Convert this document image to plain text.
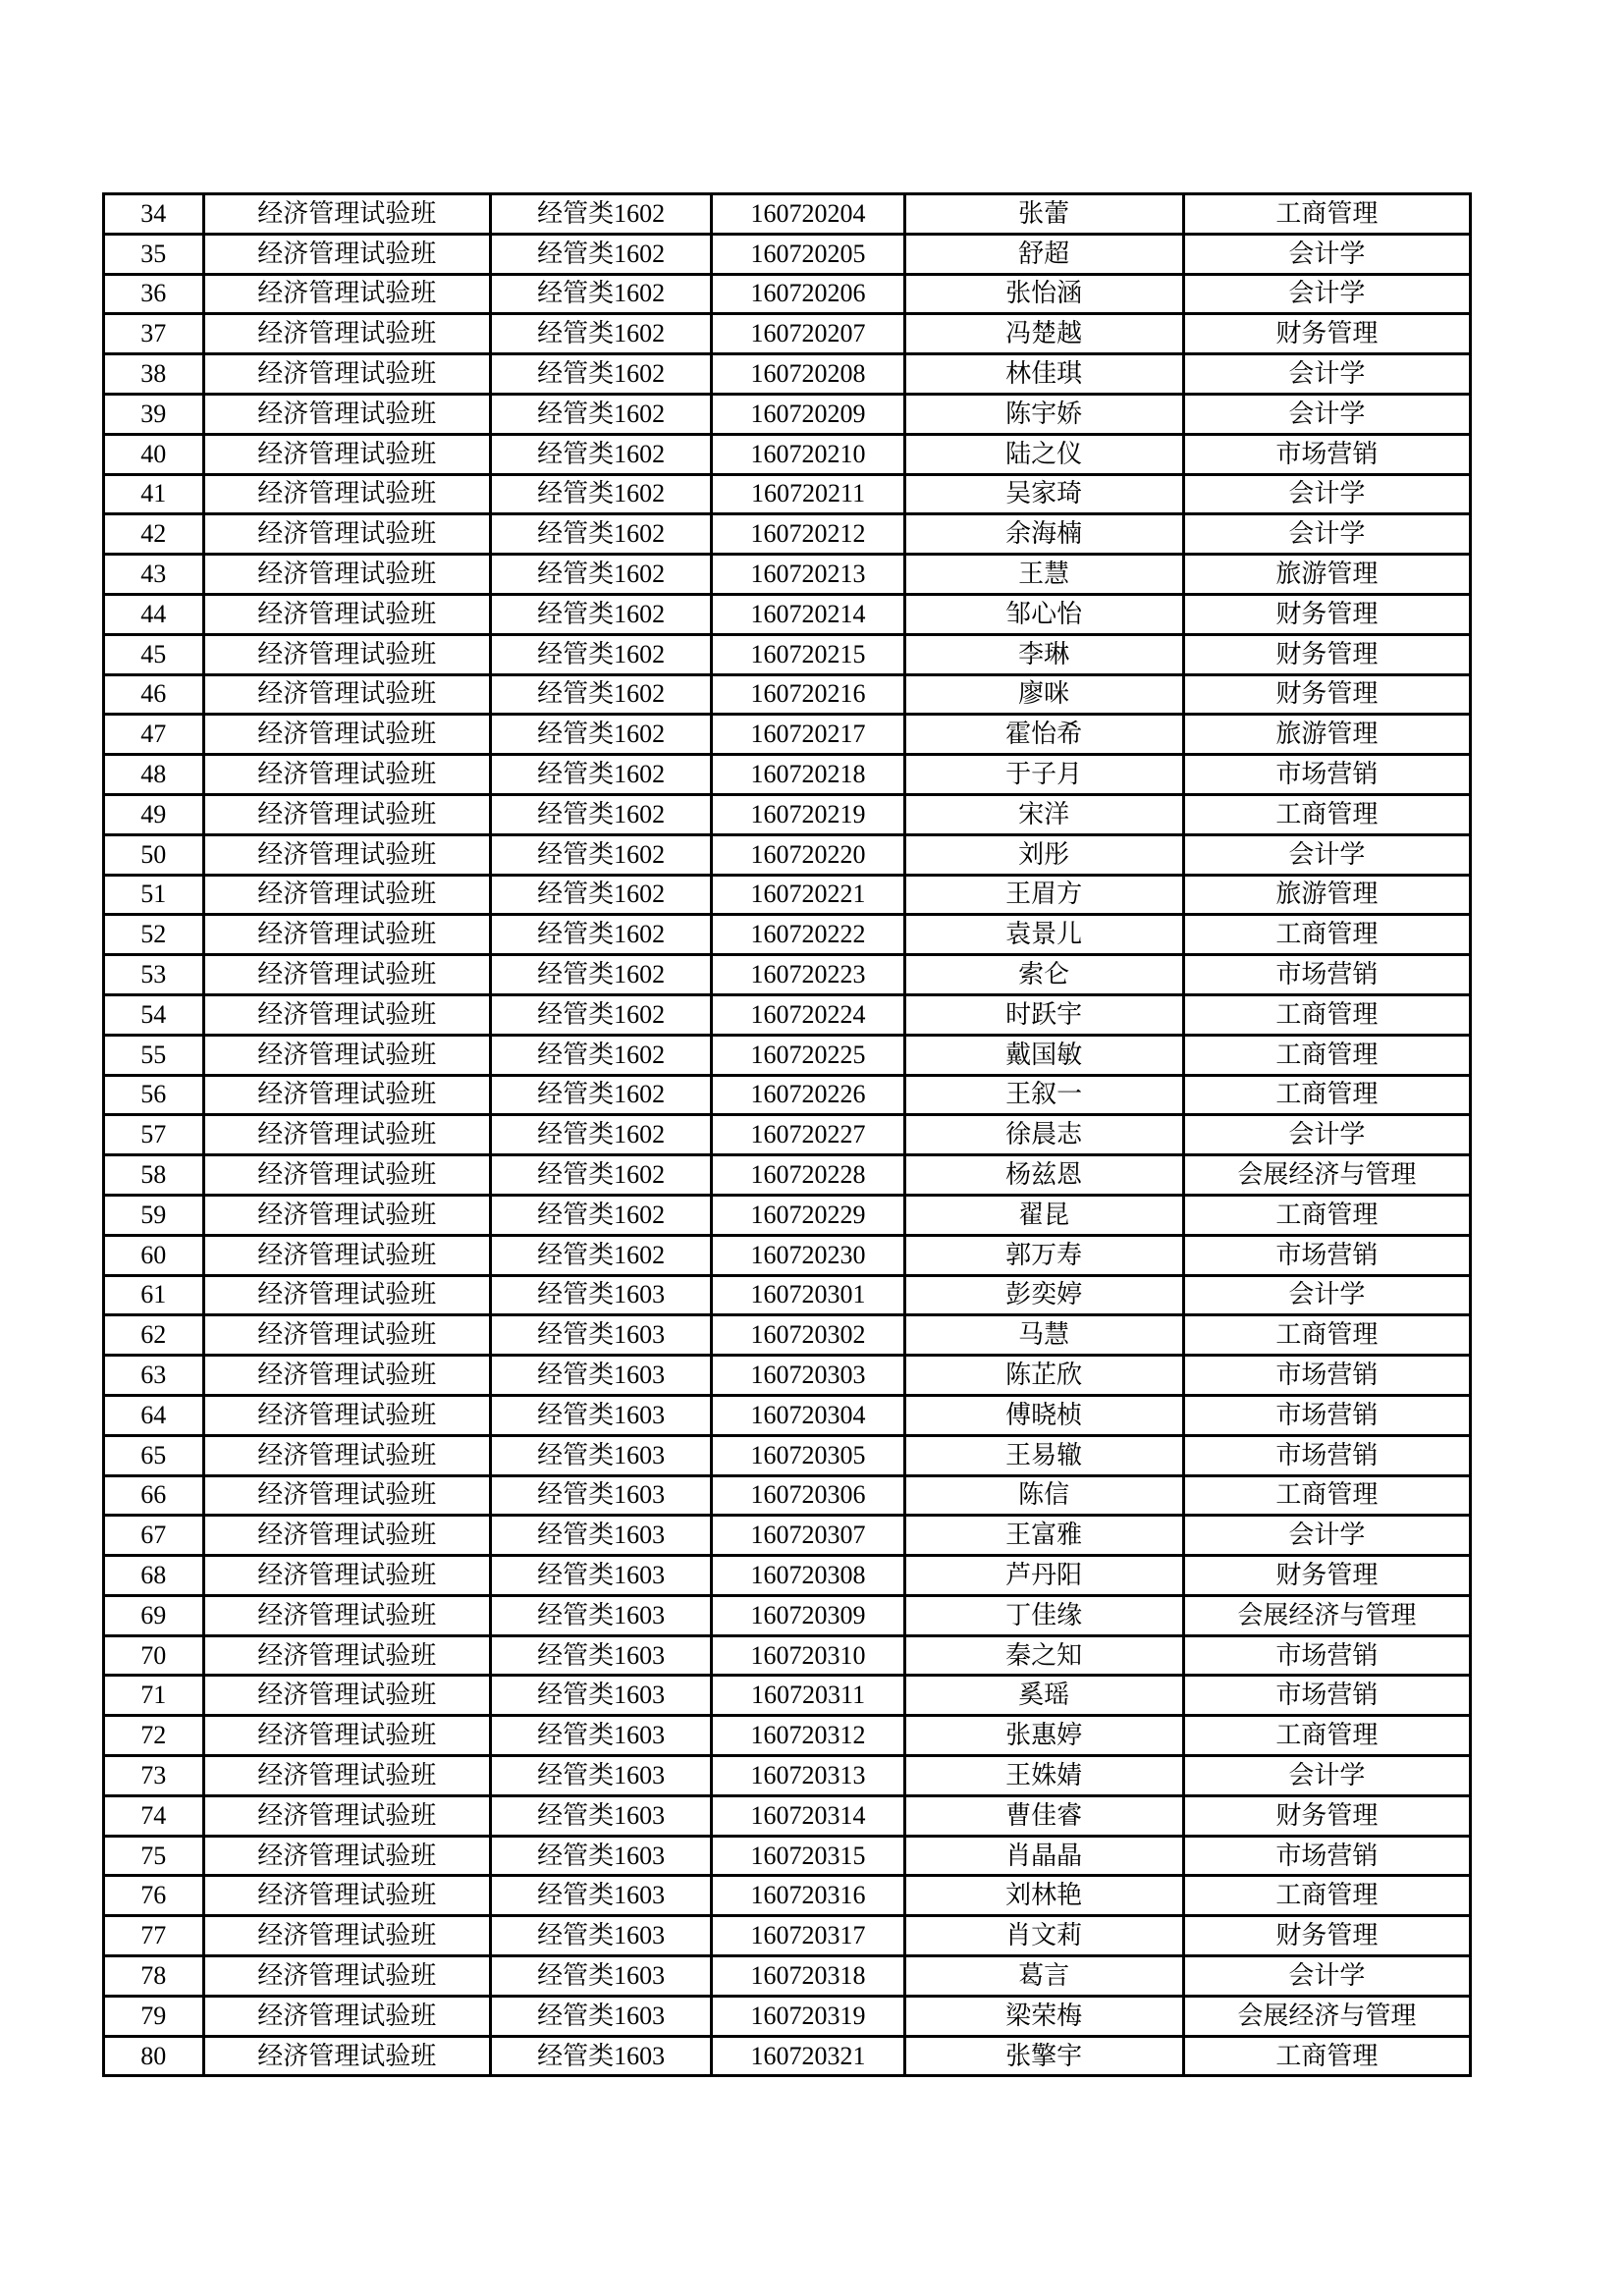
34	经济管理试验班	经管类1602	160720204	张蕾	工商管理
35	经济管理试验班	经管类1602	160720205	舒超	会计学
36	经济管理试验班	经管类1602	160720206	张怡涵	会计学
37	经济管理试验班	经管类1602	160720207	冯楚越	财务管理
38	经济管理试验班	经管类1602	160720208	林佳琪	会计学
39	经济管理试验班	经管类1602	160720209	陈宇娇	会计学
40	经济管理试验班	经管类1602	160720210	陆之仪	市场营销
41	经济管理试验班	经管类1602	160720211	吴家琦	会计学
42	经济管理试验班	经管类1602	160720212	余海楠	会计学
43	经济管理试验班	经管类1602	160720213	王慧	旅游管理
44	经济管理试验班	经管类1602	160720214	邹心怡	财务管理
45	经济管理试验班	经管类1602	160720215	李琳	财务管理
46	经济管理试验班	经管类1602	160720216	廖咪	财务管理
47	经济管理试验班	经管类1602	160720217	霍怡希	旅游管理
48	经济管理试验班	经管类1602	160720218	于子月	市场营销
49	经济管理试验班	经管类1602	160720219	宋洋	工商管理
50	经济管理试验班	经管类1602	160720220	刘彤	会计学
51	经济管理试验班	经管类1602	160720221	王眉方	旅游管理
52	经济管理试验班	经管类1602	160720222	袁景儿	工商管理
53	经济管理试验班	经管类1602	160720223	索仑	市场营销
54	经济管理试验班	经管类1602	160720224	时跃宇	工商管理
55	经济管理试验班	经管类1602	160720225	戴国敏	工商管理
56	经济管理试验班	经管类1602	160720226	王叙一	工商管理
57	经济管理试验班	经管类1602	160720227	徐晨志	会计学
58	经济管理试验班	经管类1602	160720228	杨兹恩	会展经济与管理
59	经济管理试验班	经管类1602	160720229	翟昆	工商管理
60	经济管理试验班	经管类1602	160720230	郭万寿	市场营销
61	经济管理试验班	经管类1603	160720301	彭奕婷	会计学
62	经济管理试验班	经管类1603	160720302	马慧	工商管理
63	经济管理试验班	经管类1603	160720303	陈芷欣	市场营销
64	经济管理试验班	经管类1603	160720304	傅晓桢	市场营销
65	经济管理试验班	经管类1603	160720305	王易辙	市场营销
66	经济管理试验班	经管类1603	160720306	陈信	工商管理
67	经济管理试验班	经管类1603	160720307	王富雅	会计学
68	经济管理试验班	经管类1603	160720308	芦丹阳	财务管理
69	经济管理试验班	经管类1603	160720309	丁佳缘	会展经济与管理
70	经济管理试验班	经管类1603	160720310	秦之知	市场营销
71	经济管理试验班	经管类1603	160720311	奚瑶	市场营销
72	经济管理试验班	经管类1603	160720312	张惠婷	工商管理
73	经济管理试验班	经管类1603	160720313	王姝婧	会计学
74	经济管理试验班	经管类1603	160720314	曹佳睿	财务管理
75	经济管理试验班	经管类1603	160720315	肖晶晶	市场营销
76	经济管理试验班	经管类1603	160720316	刘林艳	工商管理
77	经济管理试验班	经管类1603	160720317	肖文莉	财务管理
78	经济管理试验班	经管类1603	160720318	葛言	会计学
79	经济管理试验班	经管类1603	160720319	梁荣梅	会展经济与管理
80	经济管理试验班	经管类1603	160720321	张擎宇	工商管理
